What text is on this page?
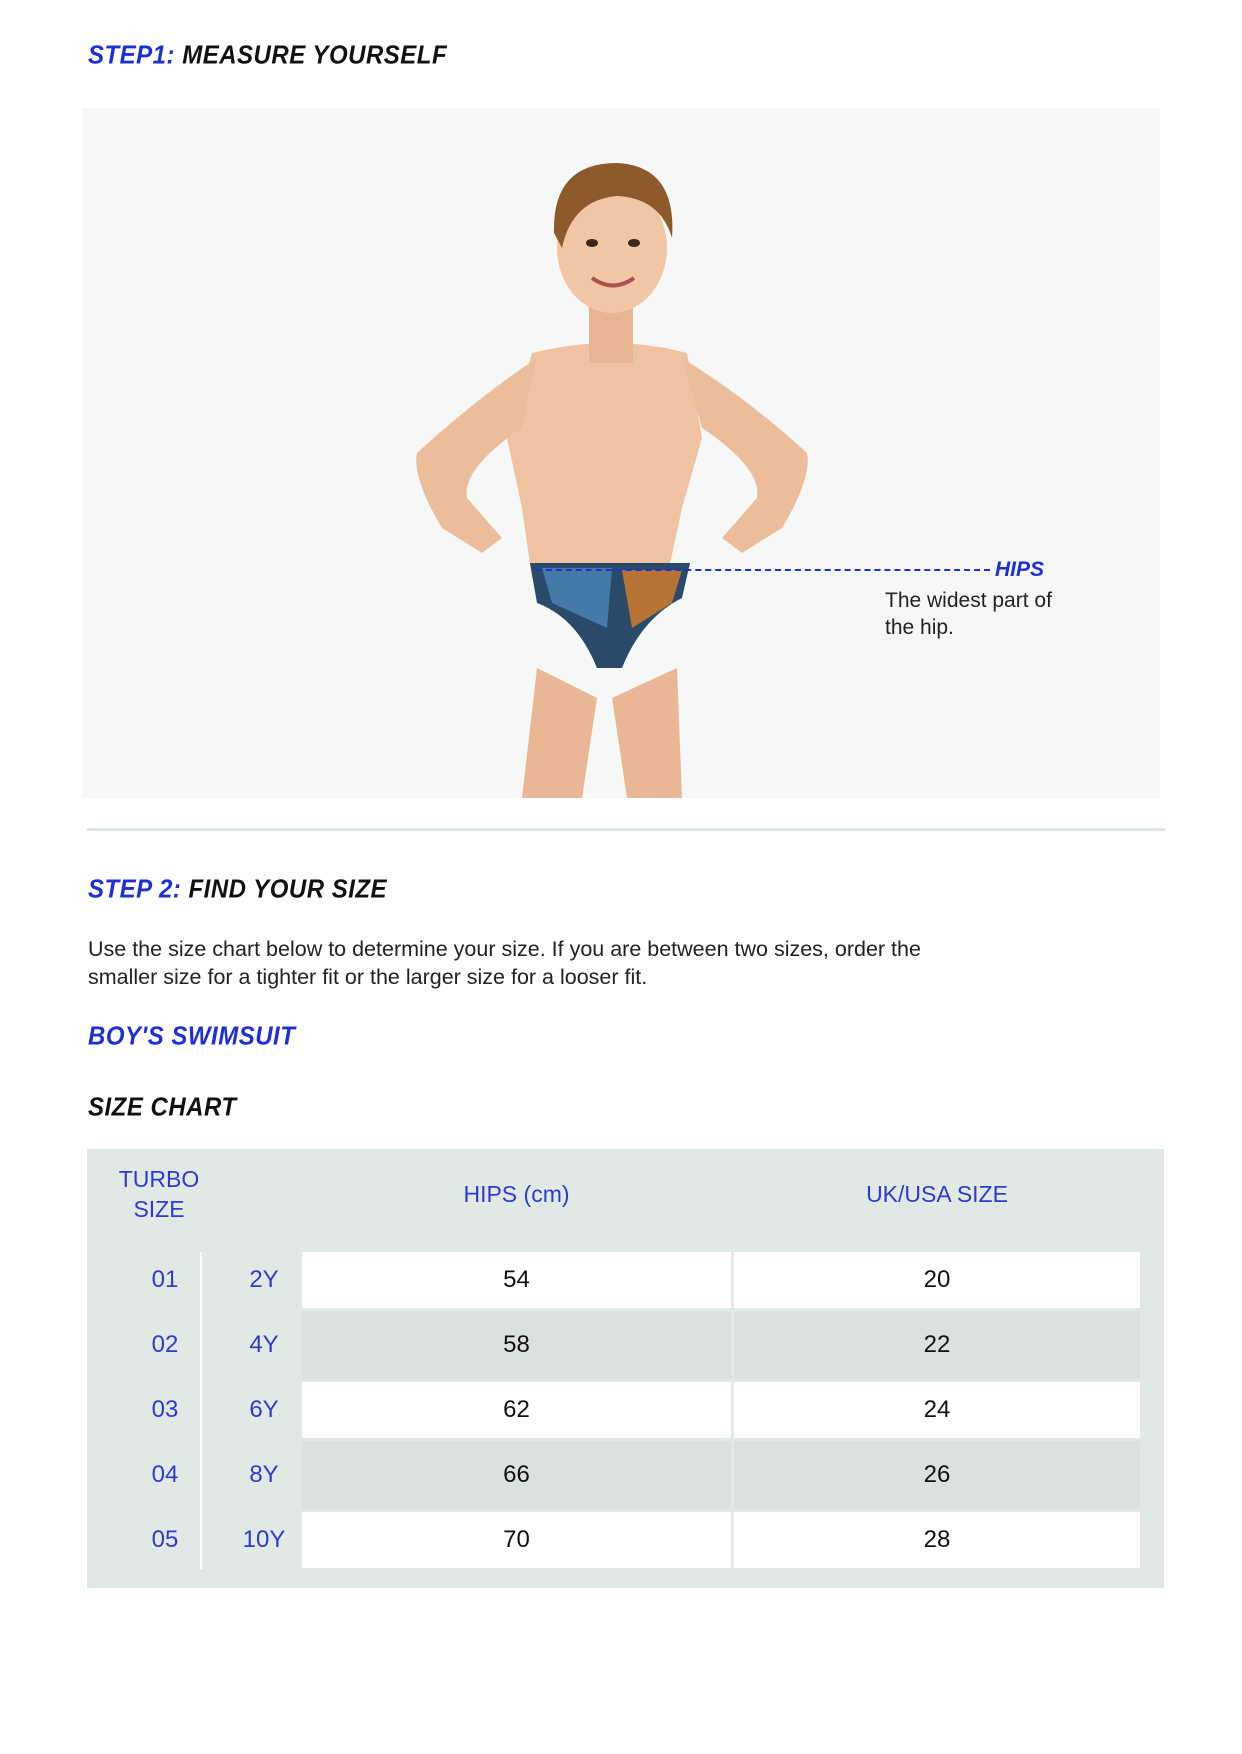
STEP1: MEASURE YOURSELF
HIPS
The widest part of the hip.
STEP 2: FIND YOUR SIZE
Use the size chart below to determine your size. If you are between two sizes, order the smaller size for a tighter fit or the larger size for a looser fit.
BOY'S SWIMSUIT
SIZE CHART
TURBO
SIZE
HIPS (cm)	UK/USA SIZE
01	2Y	54	20
02	4Y	58	22
03	6Y	62	24
04	8Y	66	26
05	10Y	70	28
